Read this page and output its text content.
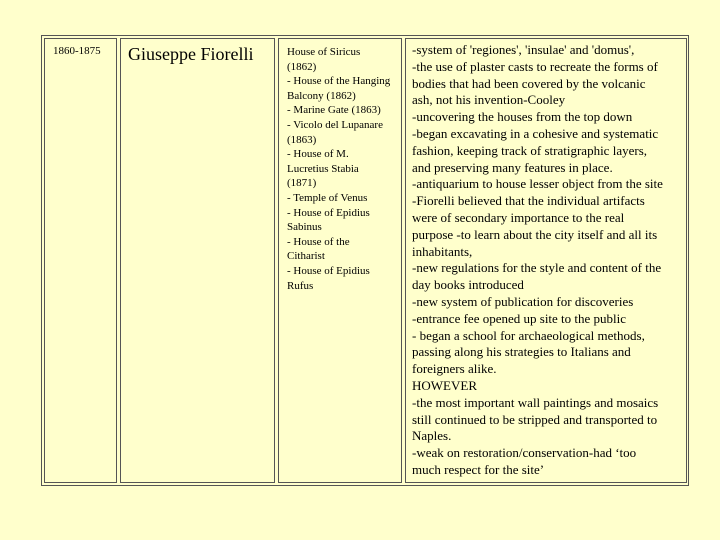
1860-1875 Giuseppe Fiorelli	House of Siricus
(1862)
- House of the Hanging
Balcony (1862)
- Marine Gate (1863)
- Vicolo del Lupanare
(1863)
- House of M.
Lucretius Stabia
(1871)
- Temple of Venus
- House of Epidius
Sabinus
- House of the
Citharist
- House of Epidius
Rufus
-system of 'regiones', 'insulae' and 'domus',
-the use of plaster casts to recreate the forms of
bodies that had been covered by the volcanic
ash, not his invention-Cooley
-uncovering the houses from the top down
-began excavating in a cohesive and systematic
fashion, keeping track of stratigraphic layers,
and preserving many features in place.
-antiquarium to house lesser object from the site
-Fiorelli believed that the individual artifacts
were of secondary importance to the real
purpose -to learn about the city itself and all its
inhabitants,
-new regulations for the style and content of the
day books introduced
-new system of publication for discoveries
-entrance fee opened up site to the public
- began a school for archaeological methods,
passing along his strategies to Italians and
foreigners alike.
HOWEVER
-the most important wall paintings and mosaics
still continued to be stripped and transported to
Naples.
-weak on restoration/conservation-had ‘too
much respect for the site’
